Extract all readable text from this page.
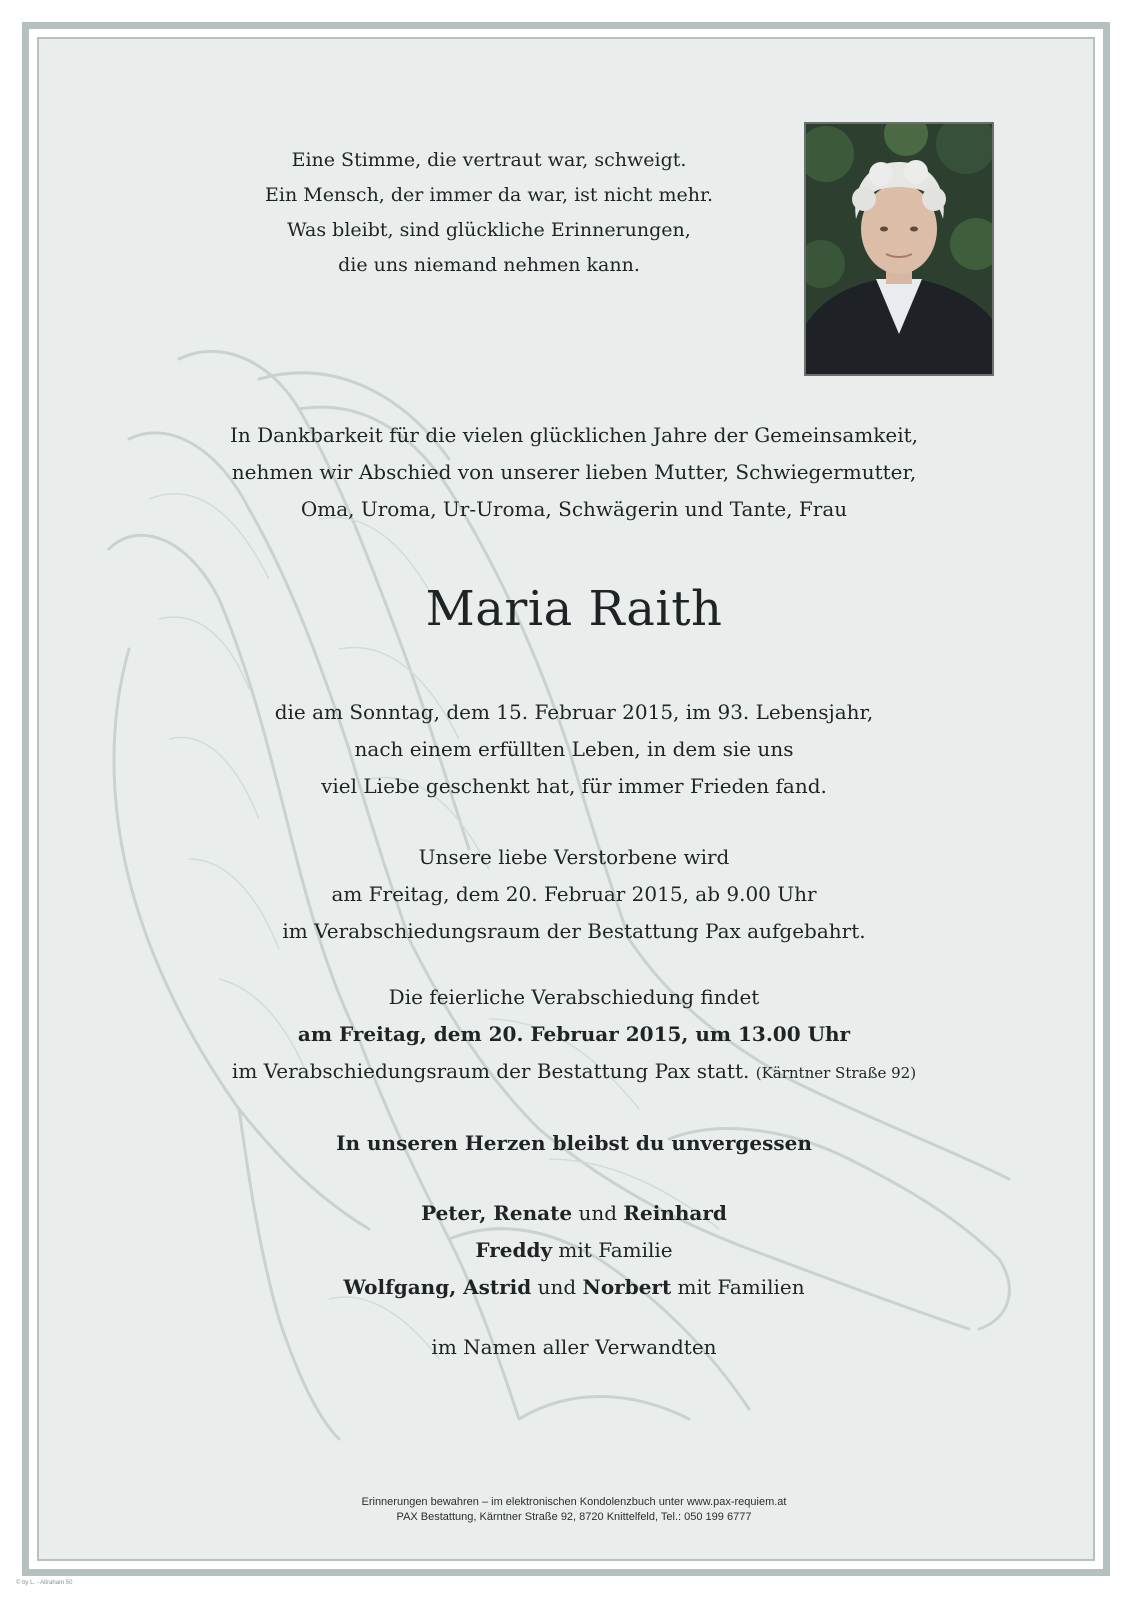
Eine Stimme, die vertraut war, schweigt.
Ein Mensch, der immer da war, ist nicht mehr.
Was bleibt, sind glückliche Erinnerungen,
die uns niemand nehmen kann.
In Dankbarkeit für die vielen glücklichen Jahre der Gemeinsamkeit,
nehmen wir Abschied von unserer lieben Mutter, Schwiegermutter,
Oma, Uroma, Ur-Uroma, Schwägerin und Tante, Frau
Maria Raith
die am Sonntag, dem 15. Februar 2015, im 93. Lebensjahr,
nach einem erfüllten Leben, in dem sie uns
viel Liebe geschenkt hat, für immer Frieden fand.
Unsere liebe Verstorbene wird
am Freitag, dem 20. Februar 2015, ab 9.00 Uhr
im Verabschiedungsraum der Bestattung Pax aufgebahrt.
Die feierliche Verabschiedung findet
am Freitag, dem 20. Februar 2015, um 13.00 Uhr
im Verabschiedungsraum der Bestattung Pax statt. (Kärntner Straße 92)
In unseren Herzen bleibst du unvergessen
Peter, Renate und Reinhard
Freddy mit Familie
Wolfgang, Astrid und Norbert mit Familien
im Namen aller Verwandten
Erinnerungen bewahren – im elektronischen Kondolenzbuch unter www.pax-requiem.at
PAX Bestattung, Kärntner Straße 92, 8720 Knittelfeld, Tel.: 050 199 6777
© by L. - Altraham 50
